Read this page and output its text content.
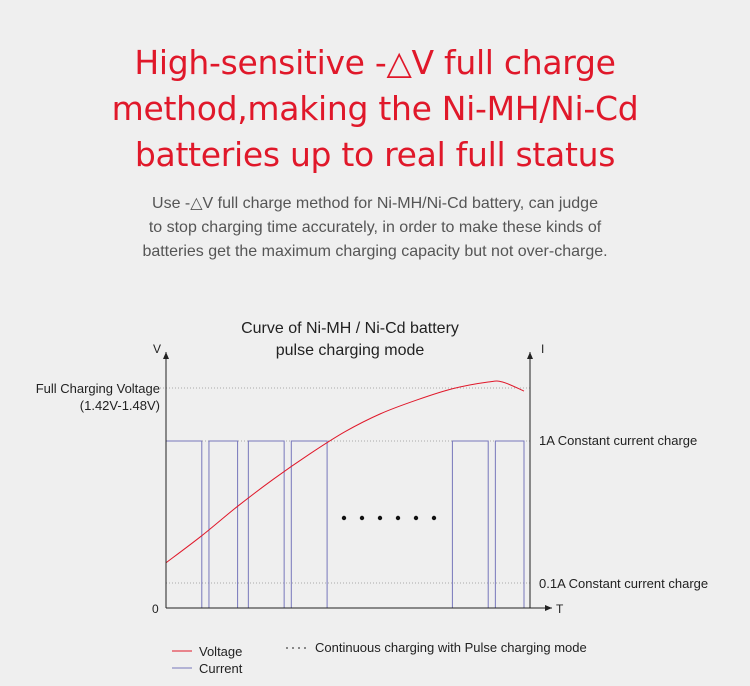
High-sensitive -△V full charge
method,making the Ni-MH/Ni-Cd
batteries up to real full status
Use -△V full charge method for Ni-MH/Ni-Cd battery, can judge
to stop charging time accurately, in order to make these kinds of
batteries get the maximum charging capacity but not over-charge.
Curve of Ni-MH / Ni-Cd battery
pulse charging mode
V	I
T
0
Full Charging Voltage
(1.42V-1.48V)
1A Constant current charge
0.1A Constant current charge
Voltage
Current
Continuous charging with Pulse charging mode
